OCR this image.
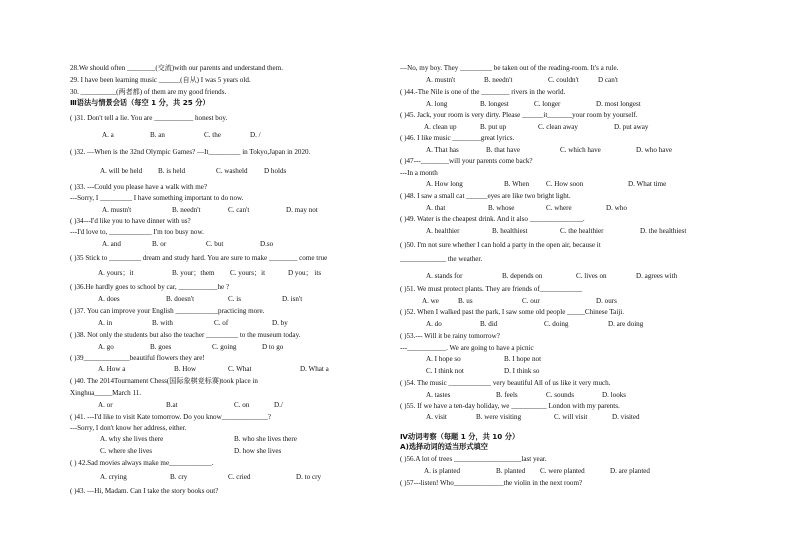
28.We should often ________(交流)with our parents and understand them.
29. I have been learning music ______(自从) I was 5 years old.
30. __________(两者都) of them are my good friends.
Ⅲ语法与情景会话（每空 1 分，共 25 分）
( )31. Don't tell a lie. You are ___________ honest boy.
A. a	B. an	C. the	D. /
( )32. —When is the 32nd Olympic Games? —It_________ in Tokyo,Japan in 2020.
A. will be held B. is held	C. washeld D holds
( )33. ---Could you please have a walk with me?
---Sorry, I _________ I have something important to do now.
A. mustn't	B. needn't	C. can't	D. may not
( )34---I'd like you to have dinner with us?
---I'd love to, ____________ I'm too busy now.
A. and	B. or	C. but	D.so
( )35 Stick to _________ dream and study hard. You are sure to make ________ come true
A. yours；it	B. your；them C. yours；it	D you； its
( )36.He hardly goes to school by car, ___________he ?
A. does	B. doesn't	C. is	D. isn't
( )37. You can improve your English ____________practicing more.
A. in	B. with	C. of	D. by
( )38. Not only the students but also the teacher _________ to the museum today.
A. go	B. goes	C. going	D to go
( )39_____________beautiful flowers they are!
A. How a	B. How	C. What	D. What a
( )40. The 2014Tournament Chess(国际象棋竞标赛)took place in
Xinghua_____March 11.
A. or	B.at	C. on	D./
( )41. ---I'd like to visit Kate tomorrow. Do you know_____________?
---Sorry, I don't know her address, either.
A. why she lives there	B. who she lives there
C. where she lives	D. how she lives
( ) 42.Sad movies always make me____________.
A. crying	B. cry	C. cried	D. to cry
( )43. —Hi, Madam. Can I take the story books out?
—No, my boy. They _________ be taken out of the reading-room. It's a rule.
( )44.-The Nile is one of the ________ rivers in the world.
A. mustn't	B. needn't	C. couldn't	D can't
A. long	B. longest	C. longer	D. most longest
( )45. Jack, your room is very dirty. Please ______it_______your room by yourself.
A. clean up	B. put up	C. clean away	D. put away
( )46. I like music ________great lyrics.
A. That has	B. that have	C. which have	D. who have
( )47---________will your parents come back?
---In a month
A. How long	B. When C. How soon	D. What time
( )48. I saw a small cat ______eyes are like two bright light.
A. that	B. whose	C. where	D. who
( )49. Water is the cheapest drink. And it also _______________.
A. healthier	B. healthiest	C. the healthier	D. the healthiest
( )50. I'm not sure whether I can hold a party in the open air, because it
_____________ the weather.
A. stands for	B. depends on	C. lives on	D. agrees with
( )51. We must protect plants. They are friends of____________
A. we	B. us	C. our	D. ours
( )52. When I walked past the park, I saw some old people _____Chinese Taiji.
A. do	B. did	C. doing	D. are doing
( )53.--- Will it be rainy tomorrow?
---___________. We are going to have a picnic
A. I hope so	B. I hope not
C. I think not	D. I think so
( )54. The music ____________ very beautiful All of us like it very much.
A. tastes	B. feels	C. sounds	D. looks
( )55. If we have a ten-day holiday, we __________ London with my parents.
A. visit	B. were visiting	C. will visit	D. visited
Ⅳ动词考察（每题 1 分，共 10 分）
A)选择动词的适当形式填空
( )56.A lot of trees ___________________last year.
A. is planted	B. planted C. were planted	D. are planted
( )57---listen! Who______________the violin in the next room?
